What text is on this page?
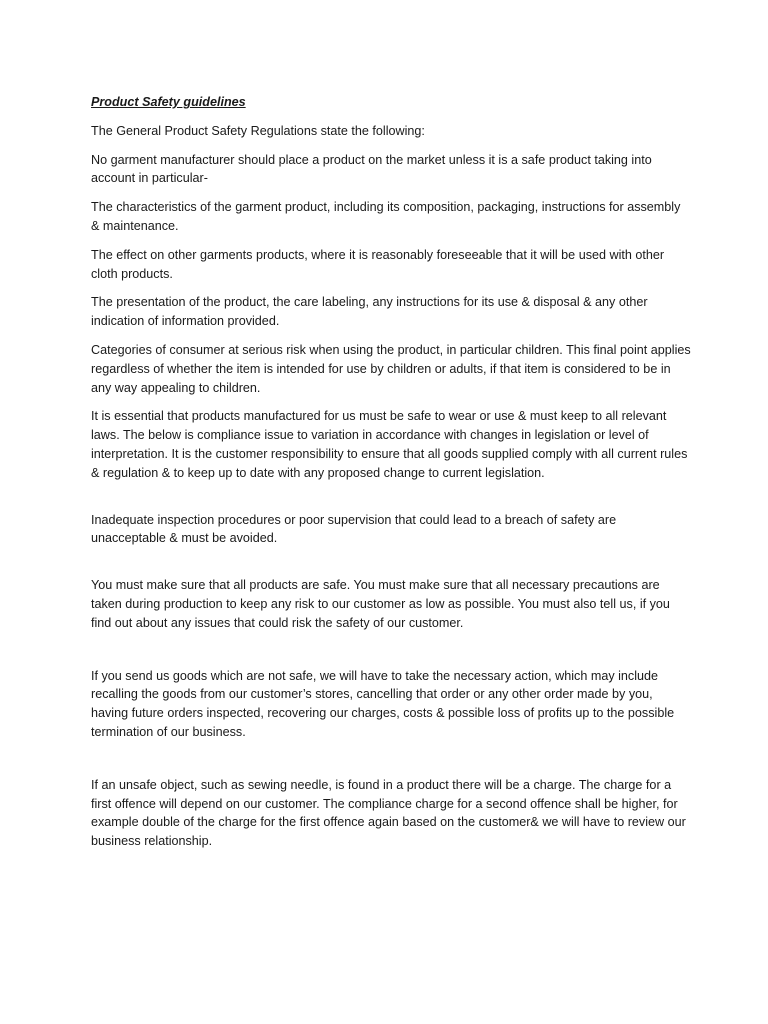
Product Safety guidelines

The General Product Safety Regulations state the following:

No garment manufacturer should place a product on the market unless it is a safe product taking into account in particular-

The characteristics of the garment product, including its composition, packaging, instructions for assembly & maintenance.

The effect on other garments products, where it is reasonably foreseeable that it will be used with other cloth products.

The presentation of the product, the care labeling, any instructions for its use & disposal & any other indication of information provided.

Categories of consumer at serious risk when using the product, in particular children. This final point applies regardless of whether the item is intended for use by children or adults, if that item is considered to be in any way appealing to children.

It is essential that products manufactured for us must be safe to wear or use & must keep to all relevant laws. The below is compliance issue to variation in accordance with changes in legislation or level of interpretation. It is the customer responsibility to ensure that all goods supplied comply with all current rules & regulation & to keep up to date with any proposed change to current legislation.

Inadequate inspection procedures or poor supervision that could lead to a breach of safety are unacceptable & must be avoided.

You must make sure that all products are safe. You must make sure that all necessary precautions are taken during production to keep any risk to our customer as low as possible. You must also tell us, if you find out about any issues that could risk the safety of our customer.

If you send us goods which are not safe, we will have to take the necessary action, which may include recalling the goods from our customer’s stores, cancelling that order or any other order made by you, having future orders inspected, recovering our charges, costs & possible loss of profits up to the possible termination of our business.

If an unsafe object, such as sewing needle, is found in a product there will be a charge. The charge for a first offence will depend on our customer. The compliance charge for a second offence shall be higher, for example double of the charge for the first offence again based on the customer& we will have to review our business relationship.
